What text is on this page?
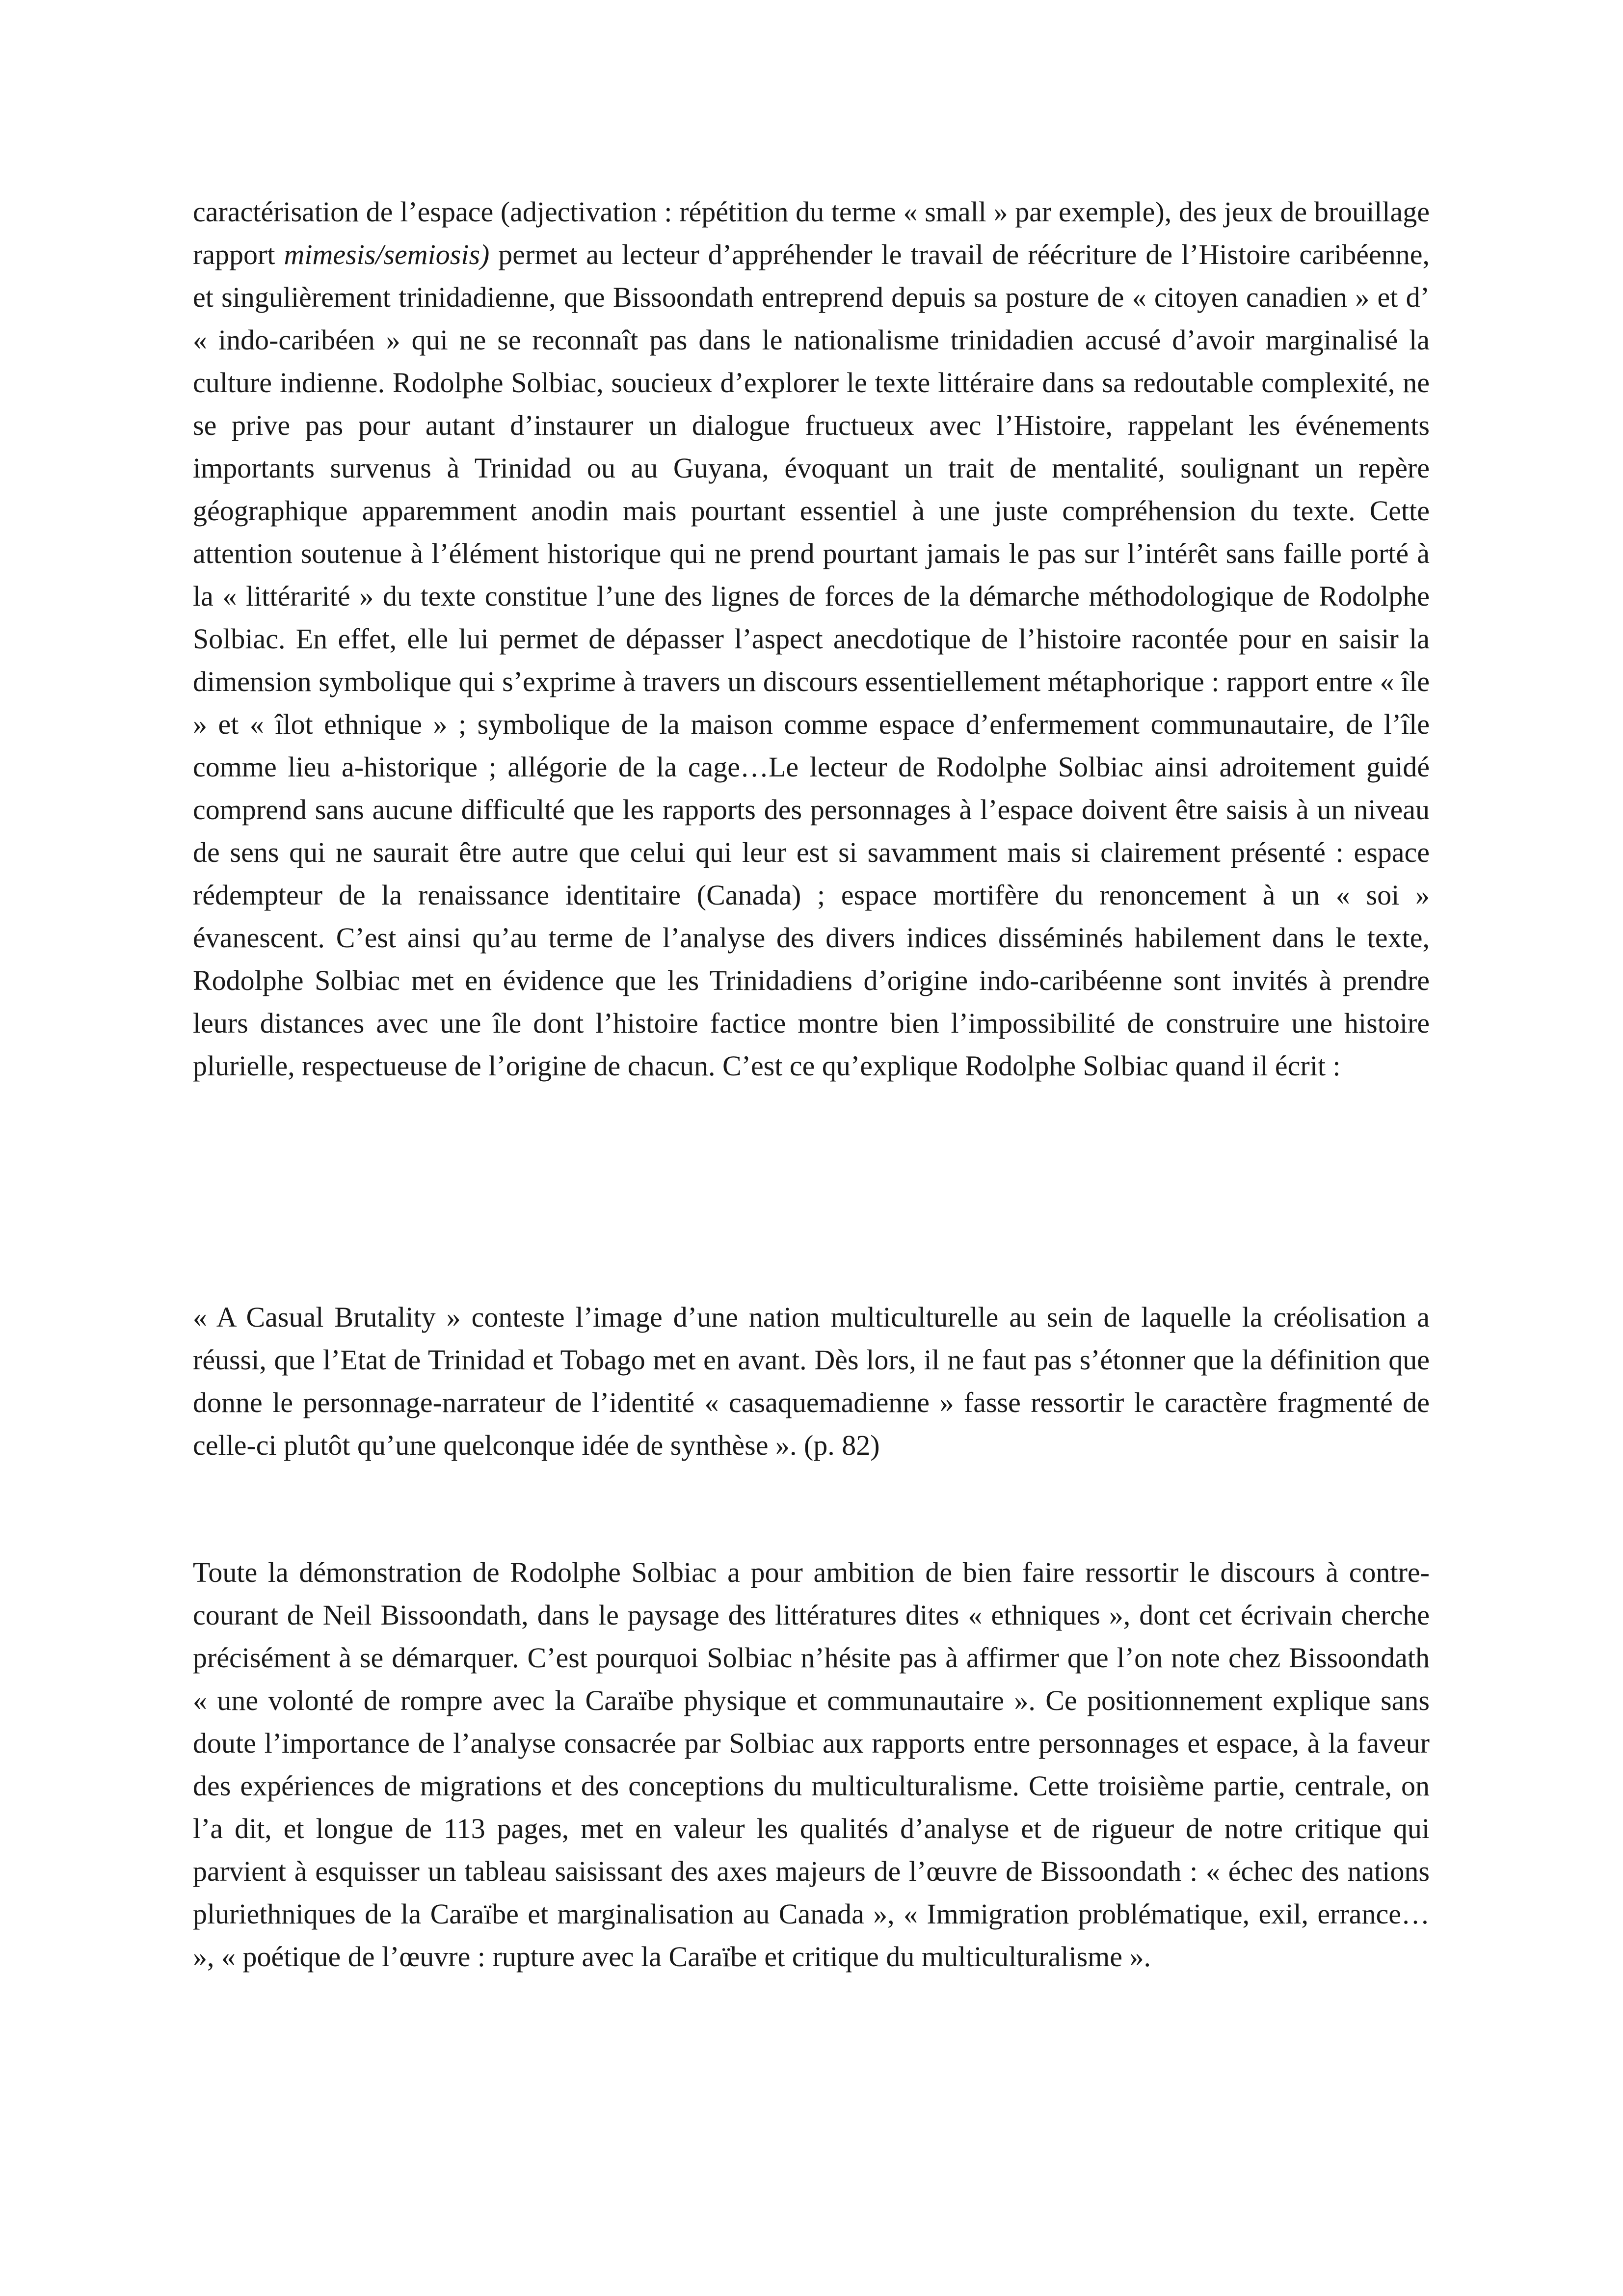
caractérisation de l’espace (adjectivation : répétition du terme « small » par exemple), des jeux de brouillage rapport mimesis/semiosis) permet au lecteur d’appréhender le travail de réécriture de l’Histoire caribéenne, et singulièrement trinidadienne, que Bissoondath entreprend depuis sa posture de « citoyen canadien » et d’ « indo-caribéen » qui ne se reconnaît pas dans le nationalisme trinidadien accusé d’avoir marginalisé la culture indienne. Rodolphe Solbiac, soucieux d’explorer le texte littéraire dans sa redoutable complexité, ne se prive pas pour autant d’instaurer un dialogue fructueux avec l’Histoire, rappelant les événements importants survenus à Trinidad ou au Guyana, évoquant un trait de mentalité, soulignant un repère géographique apparemment anodin mais pourtant essentiel à une juste compréhension du texte. Cette attention soutenue à l’élément historique qui ne prend pourtant jamais le pas sur l’intérêt sans faille porté à la « littérarité » du texte constitue l’une des lignes de forces de la démarche méthodologique de Rodolphe Solbiac. En effet, elle lui permet de dépasser l’aspect anecdotique de l’histoire racontée pour en saisir la dimension symbolique qui s’exprime à travers un discours essentiellement métaphorique : rapport entre « île » et « îlot ethnique » ; symbolique de la maison comme espace d’enfermement communautaire, de l’île comme lieu a-historique ; allégorie de la cage…Le lecteur de Rodolphe Solbiac ainsi adroitement guidé comprend sans aucune difficulté que les rapports des personnages à l’espace doivent être saisis à un niveau de sens qui ne saurait être autre que celui qui leur est si savamment mais si clairement présenté : espace rédempteur de la renaissance identitaire (Canada) ; espace mortifère du renoncement à un « soi » évanescent. C’est ainsi qu’au terme de l’analyse des divers indices disséminés habilement dans le texte, Rodolphe Solbiac met en évidence que les Trinidadiens d’origine indo-caribéenne sont invités à prendre leurs distances avec une île dont l’histoire factice montre bien l’impossibilité de construire une histoire plurielle, respectueuse de l’origine de chacun. C’est ce qu’explique Rodolphe Solbiac quand il écrit :

« A Casual Brutality » conteste l’image d’une nation multiculturelle au sein de laquelle la créolisation a réussi, que l’Etat de Trinidad et Tobago met en avant. Dès lors, il ne faut pas s’étonner que la définition que donne le personnage-narrateur de l’identité « casaquemadienne » fasse ressortir le caractère fragmenté de celle-ci plutôt qu’une quelconque idée de synthèse ». (p. 82)

Toute la démonstration de Rodolphe Solbiac a pour ambition de bien faire ressortir le discours à contre-courant de Neil Bissoondath, dans le paysage des littératures dites « ethniques », dont cet écrivain cherche précisément à se démarquer. C’est pourquoi Solbiac n’hésite pas à affirmer que l’on note chez Bissoondath « une volonté de rompre avec la Caraïbe physique et communautaire ». Ce positionnement explique sans doute l’importance de l’analyse consacrée par Solbiac aux rapports entre personnages et espace, à la faveur des expériences de migrations et des conceptions du multiculturalisme. Cette troisième partie, centrale, on l’a dit, et longue de 113 pages, met en valeur les qualités d’analyse et de rigueur de notre critique qui parvient à esquisser un tableau saisissant des axes majeurs de l’œuvre de Bissoondath : « échec des nations pluriethniques de la Caraïbe et marginalisation au Canada », « Immigration problématique, exil, errance… », « poétique de l’œuvre : rupture avec la Caraïbe et critique du multiculturalisme ».
